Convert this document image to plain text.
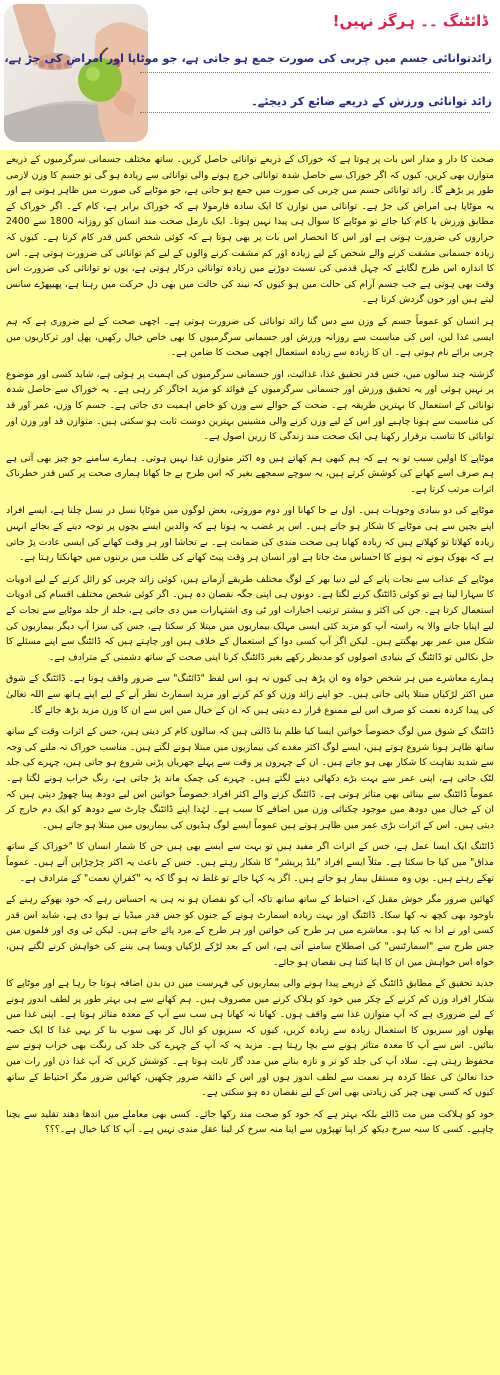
ڈائٹنگ ۔۔ ہرگز نہیں!
زائدتوانائی جسم میں چربی کی صورت جمع ہو جاتی ہے، جو موٹاپا اور امراض کی جڑ ہے،
زائد توانائی ورزش کے ذریعے ضائع کر دیجئے۔

صحت کا دار و مدار اس بات پر ہوتا ہے کہ خوراک کے ذریعے توانائی حاصل کریں۔ ساتھ مختلف جسمانی سرگرمیوں کے ذریعے متوازن بھی کریں، کیوں کہ اگر خوراک سے حاصل شدہ توانائی خرچ ہونے والی توانائی سے زیادہ ہو گی تو جسم کا وزن لازمی طور پر بڑھے گا۔ زائد توانائی جسم میں چربی کی صورت میں جمع ہو جاتی ہے، جو موٹاپے کی صورت میں ظاہر ہوتی ہے اور یہ موٹاپا ہی امراض کی جڑ ہے۔ توانائی میں توازن کا ایک سادہ فارمولا ہے کہ خوراک برابر ہے، کام کے۔ اگر خوراک کے مطابق ورزش یا کام کیا جائے تو موٹاپے کا سوال ہی پیدا نہیں ہوتا۔ ایک نارمل صحت مند انسان کو روزانہ 1800 سے 2400 حراروں کی ضرورت ہوتی ہے اور اس کا انحصار اس بات پر بھی ہوتا ہے کہ کوئی شخص کس قدر کام کرتا ہے۔ کیوں کہ زیادہ جسمانی مشقت کرنے والے شخص کے لیے زیادہ اور کم مشقت کرنے والوں کے لیے کم توانائی کی ضرورت ہوتی ہے۔ اس کا اندازہ اس طرح لگایئے کہ چہل قدمی کی نسبت دوڑنے میں زیادہ توانائی درکار ہوتی ہے، یوں تو توانائی کی ضرورت اس وقت بھی ہوتی ہے جب جسم آرام کی حالت میں ہو کیوں کہ نیند کی حالت میں بھی دل حرکت میں رہتا ہے، پھیپھڑے سانس لیتے ہیں اور خون گردش کرتا ہے۔

ہر انسان کو عموماً جسم کے وزن سے دس گنا زائد توانائی کی ضرورت ہوتی ہے۔ اچھی صحت کے لیے ضروری ہے کہ ہم ایسی غذا لیں، اس کی مناسبت سے روزانہ ورزش اور جسمانی سرگرمیوں کا بھی خاص خیال رکھیں، پھل اور ترکاریوں میں چربی برائے نام ہوتی ہے۔ ان کا زیادہ سے زیادہ استعمال اچھی صحت کا ضامن ہے۔

گزشتہ چند سالوں میں، جس قدر تحقیق غذا، غذائیت، اور جسمانی سرگرمیوں کی اہمیت پر ہوئی ہے، شاید کسی اور موضوع پر نہیں ہوئی اور یہ تحقیق ورزش اور جسمانی سرگرمیوں کے فوائد کو مزید اجاگر کر رہی ہے۔ یہ خوراک سے حاصل شدہ توانائی کے استعمال کا بہترین طریقہ ہے۔ صحت کے حوالے سے وزن کو خاص اہمیت دی جاتی ہے۔ جسم کا وزن، عمر اور قد کی مناسبت سے ہونا چاہیے اور اس کے لیے وزن کرنے والی مشینیں بہترین دوست ثابت ہو سکتی ہیں۔ متوازن قد اور وزن اور توانائی کا تناسب برقرار رکھنا ہی ایک صحت مند زندگی کا زریں اصول ہے۔

موٹاپے کا اولین سبب تو یہ ہے کہ ہم کبھی ہم کھاتے ہیں وہ اکثر متوازن غذا نہیں ہوتی۔ ہمارے سامنے جو چیز بھی آتی ہے ہم صرف اسے کھانے کی کوشش کرتے ہیں، یہ سوچے سمجھے بغیر کہ اس طرح بے جا کھانا ہماری صحت پر کس قدر خطرناک اثرات مرتب کرتا ہے۔

موٹاپے کی دو بنیادی وجوہات ہیں۔ اول بے جا کھانا اور دوم موروثی، بعض لوگوں میں موٹاپا نسل در نسل چلتا ہے، ایسے افراد اپنے بچپن سے ہی موٹاپے کا شکار ہو جاتے ہیں۔ اس پر غضب یہ ہوتا ہے کہ والدین ایسے بچوں پر توجہ دینے کے بجائے انہیں زیادہ کھلاتا تو کھلاتے ہیں کہ زیادہ کھانا ہی صحت مندی کی ضمانت ہے۔ بے تحاشا اور ہر وقت کھانے کی ایسی عادت پڑ جاتی ہے کہ بھوک ہونے نہ ہونے کا احساس مٹ جاتا ہے اور انسان ہر وقت پیٹ کھانے کی طلب میں برتنوں میں جھانکتا رہتا ہے۔

موٹاپے کے عذاب سے نجات پانے کے لیے دنیا بھر کے لوگ مختلف طریقے آزماتے ہیں، کوئی زائد چربی کو زائل کرنے کے لیے ادویات کا سہارا لیتا ہے تو کوئی ڈائٹنگ کرنے لگتا ہے۔ دونوں ہی اپنی جگہ نقصان دہ ہیں۔ اگر کوئی شخص مختلف اقسام کی ادویات استعمال کرتا ہے۔ جن کی اکثر و بیشتر ترتیب اخبارات اور ٹی وی اشتہارات میں دی جاتی ہے، جلد از جلد موٹاپے سے نجات کے لیے اپنایا جانے والا یہ راستہ آپ کو مزید کئی ایسی مہلک بیماریوں میں مبتلا کر سکتا ہے، جس کی سزا آپ دیگر بیماریوں کی شکل میں عمر بھر بھگتتے ہیں۔ لیکن اگر آپ کسی دوا کے استعمال کے خلاف ہیں اور چاہتے ہیں کہ ڈائٹنگ سے اپنے مسئلے کا حل نکالیں تو ڈائٹنگ کے بنیادی اصولوں کو مدنظر رکھے بغیر ڈائٹنگ کرنا اپنی صحت کے ساتھ دشمنی کے مترادف ہے۔

ہمارے معاشرے میں ہر شخص خواہ وہ ان پڑھ ہی کیوں نہ ہو، اس لفظ "ڈائٹنگ" سے ضرور واقف ہوتا ہے۔ ڈائٹنگ کے شوق میں اکثر لڑکیاں مبتلا پائی جاتی ہیں۔ جو اپنے زائد وزن کو کم کرنے اور مزید اسمارٹ نظر آنے کے لیے اپنے ہاتھ سے اللہ تعالیٰ کی پیدا کردہ نعمت کو صرف اس لیے ممنوع قرار دے دیتی ہیں کہ ان کے خیال میں اس سے ان کا وزن مزید بڑھ جائے گا۔

ڈائٹنگ کے شوق میں لوگ خصوصاً خواتین ایسا کیا ظلم بنا ڈالتی ہیں کہ سالوں کام کر دیتی ہیں، جس کے اثرات وقت کے ساتھ ساتھ ظاہر ہونا شروع ہوتے ہیں، ایسے لوگ اکثر معدے کی بیماریوں میں مبتلا ہونے لگتے ہیں۔ مناسب خوراک نہ ملنے کی وجہ سے شدید نقاہت کا شکار بھی ہو جاتے ہیں۔ ان کے چہروں پر وقت سے پہلے جھریاں پڑنی شروع ہو جاتی ہیں، چہرے کی جلد لٹک جاتی ہے، اپنی عمر سے بہت بڑے دکھائی دینے لگتے ہیں۔ چہرے کی چمک ماند پڑ جاتی ہے، رنگ خراب ہونے لگتا ہے۔ عموماً ڈائٹنگ سے بینائی بھی متاثر ہوتی ہے۔ ڈائٹنگ کرنے والے اکثر افراد خصوصاً خواتین اس لیے دودھ پینا چھوڑ دیتی ہیں کہ ان کے خیال میں دودھ میں موجود چکنائی وزن میں اضافے کا سبب ہے۔ لہٰذا اپنے ڈائٹنگ چارٹ سے دودھ کو ایک دم خارج کر دیتی ہیں۔ اس کے اثرات بڑی عمر میں ظاہر ہوتے ہیں عموماً ایسے لوگ ہڈیوں کی بیماریوں میں مبتلا ہو جاتے ہیں۔

ڈائٹنگ ایک ایسا عمل ہے، جس کے اثرات اگر مفید ہیں تو بہت سے ایسے بھی ہیں جن کا شمار انسان کا "خوراک کے ساتھ مذاق" میں کیا جا سکتا ہے۔ مثلاً ایسے افراد "بلڈ پریشر" کا شکار رہتے ہیں۔ جس کے باعث یہ اکثر چڑچڑاپن آتے ہیں۔ عموماً تھکے رہتے ہیں۔ یوں وہ مستقل بیمار ہو جاتے ہیں۔ اگر یہ کہا جائے تو غلط نہ ہو گا کہ یہ "کفرانِ نعمت" کے مترادف ہے۔

کھائیں ضرور مگر خوش مقبل کے، احتیاط کے ساتھ ساتھ تاکہ آپ کو نقصان ہو نہ ہی یہ احساس رہے کہ خود بھوکے رہنے کے باوجود بھی کچھ نہ کھا سکا۔ ڈائٹنگ اور بہت زیادہ اسمارٹ ہونے کے جنون کو جس قدر میڈیا نے ہوا دی ہے، شاید اس قدر کسی اور نے ادا نہ کیا ہو۔ معاشرے میں ہر طرح کی خواتین اور ہر طرح کے مرد پائے جاتے ہیں۔ لیکن ٹی وی اور فلموں میں جس طرح سے "اسمارٹنس" کی اصطلاح سامنے آتی ہے، اس کے بعد لڑکے لڑکیاں ویسا ہی بننے کی خواہش کرنے لگتے ہیں، خواہ اس خواہش میں ان کا اپنا کتنا ہی نقصان ہو جائے۔

جدید تحقیق کے مطابق ڈائٹنگ کے ذریعے پیدا ہونے والی بیماریوں کی فہرست میں دن بدن اضافہ ہوتا جا رہا ہے اور موٹاپے کا شکار افراد وزن کم کرنے کے چکر میں خود کو ہلاک کرنے میں مصروف ہیں۔ ہم کھانے سے ہی بہتر طور پر لطف اندوز ہونے کے لیے ضروری ہے کہ آپ متوازن غذا سے واقف ہوں۔ کھانا نہ کھانا ہی سب سے آپ کے معدہ متاثر ہوتا ہے۔ اپنی غذا میں پھلوں اور سبزیوں کا استعمال زیادہ سے زیادہ کریں، کیوں کہ سبزیوں کو ابال کر بھی سوپ بنا کر یہی غذا کا ایک حصہ بنائیں۔ اس سے آپ کا معدہ متاثر ہونے سے بچا رہتا ہے۔ مزید یہ کہ آپ کے چہرے کی جلد کی رنگت بھی خراب ہونے سے محفوظ رہتی ہے۔ سلاد آپ کی جلد کو تر و تازہ بنانے میں مدد گار ثابت ہوتا ہے۔ کوشش کریں کہ آپ غذا دن اور رات میں خدا تعالیٰ کی عطا کردہ ہر نعمت سے لطف اندوز ہوں اور اس کے ذائقہ ضرور چکھیں، کھائیں ضرور مگر احتیاط کے ساتھ کیوں کہ کسی بھی چیز کی زیادتی بھی اس کے لیے نقصان دہ ہو سکتی ہے۔

خود کو ہلاکت میں مت ڈالئے بلکہ بہتر ہے کہ خود کو صحت مند رکھا جائے۔ کسی بھی معاملے میں اندھا دھند تقلید سے بچنا چاہیے۔ کسی کا سنہ سرخ دیکھ کر اپنا تھپڑوں سے اپنا منہ سرخ کر لینا عقل مندی نہیں ہے۔ آپ کا کیا خیال ہے۔؟؟؟
